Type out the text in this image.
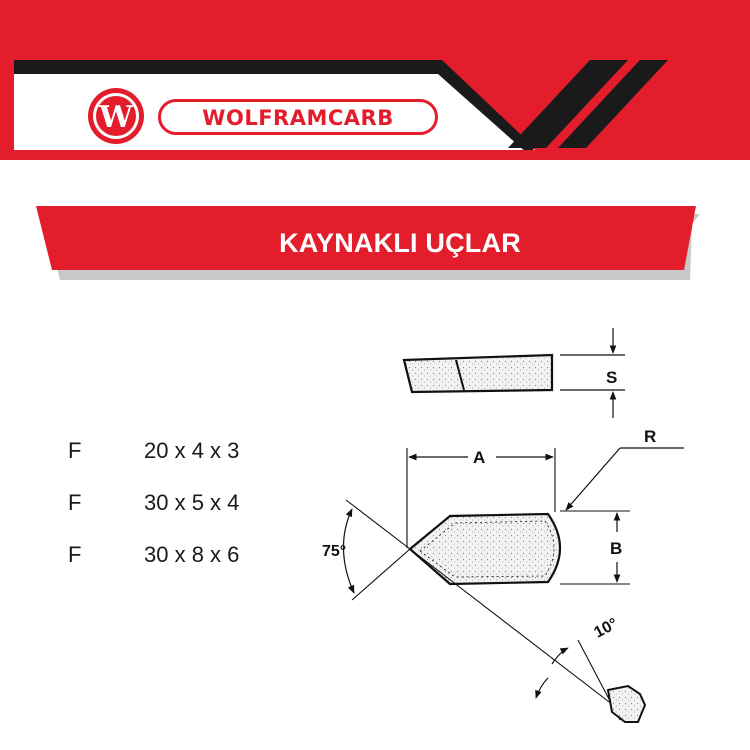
W	WOLFRAMCARB
KAYNAKLI UÇLAR
F	20 x 4 x 3
F	30 x 5 x 4
F	30 x 8 x 6
S
A
R
B
75°
10°
